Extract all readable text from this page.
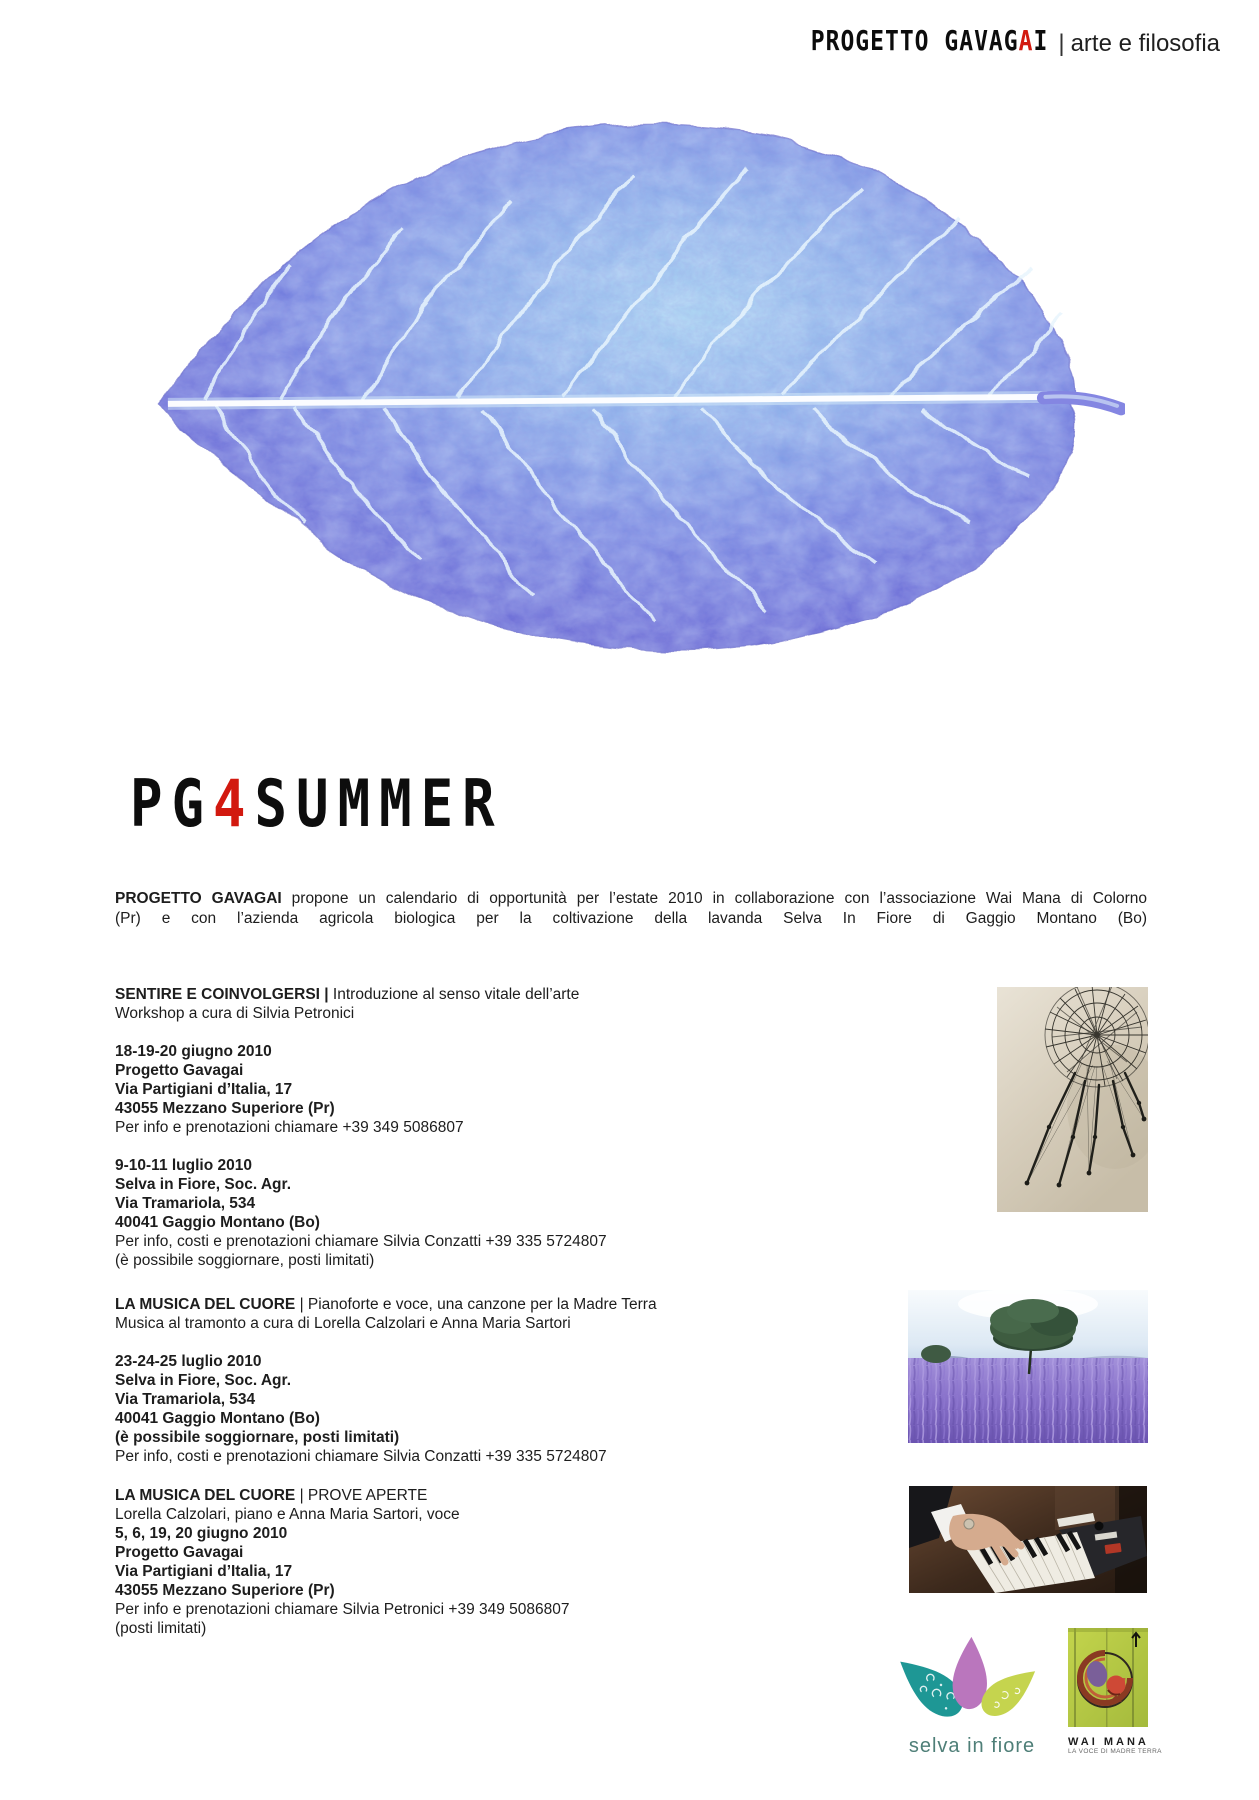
PROGETTO GAVAGAI | arte e filosofia
PG4SUMMER
PROGETTO GAVAGAI propone un calendario di opportunità per l’estate 2010 in collaborazione con l’associazione Wai Mana di Colorno
(Pr) e con l’azienda agricola biologica per la coltivazione della lavanda Selva In Fiore di Gaggio Montano (Bo)
SENTIRE E COINVOLGERSI | Introduzione al senso vitale dell’arte
Workshop a cura di Silvia Petronici
18-19-20 giugno 2010
Progetto Gavagai
Via Partigiani d’Italia, 17
43055 Mezzano Superiore (Pr)
Per info e prenotazioni chiamare +39 349 5086807
9-10-11 luglio 2010
Selva in Fiore, Soc. Agr.
Via Tramariola, 534
40041 Gaggio Montano (Bo)
Per info, costi e prenotazioni chiamare Silvia Conzatti +39 335 5724807
(è possibile soggiornare, posti limitati)
LA MUSICA DEL CUORE | Pianoforte e voce, una canzone per la Madre Terra
Musica al tramonto a cura di Lorella Calzolari e Anna Maria Sartori
23-24-25 luglio 2010
Selva in Fiore, Soc. Agr.
Via Tramariola, 534
40041 Gaggio Montano (Bo)
(è possibile soggiornare, posti limitati)
Per info, costi e prenotazioni chiamare Silvia Conzatti +39 335 5724807
LA MUSICA DEL CUORE | PROVE APERTE
Lorella Calzolari, piano e Anna Maria Sartori, voce
5, 6, 19, 20 giugno 2010
Progetto Gavagai
Via Partigiani d’Italia, 17
43055 Mezzano Superiore (Pr)
Per info e prenotazioni chiamare Silvia Petronici +39 349 5086807
(posti limitati)
selva in fiore	WAI MANA
LA VOCE DI MADRE TERRA
